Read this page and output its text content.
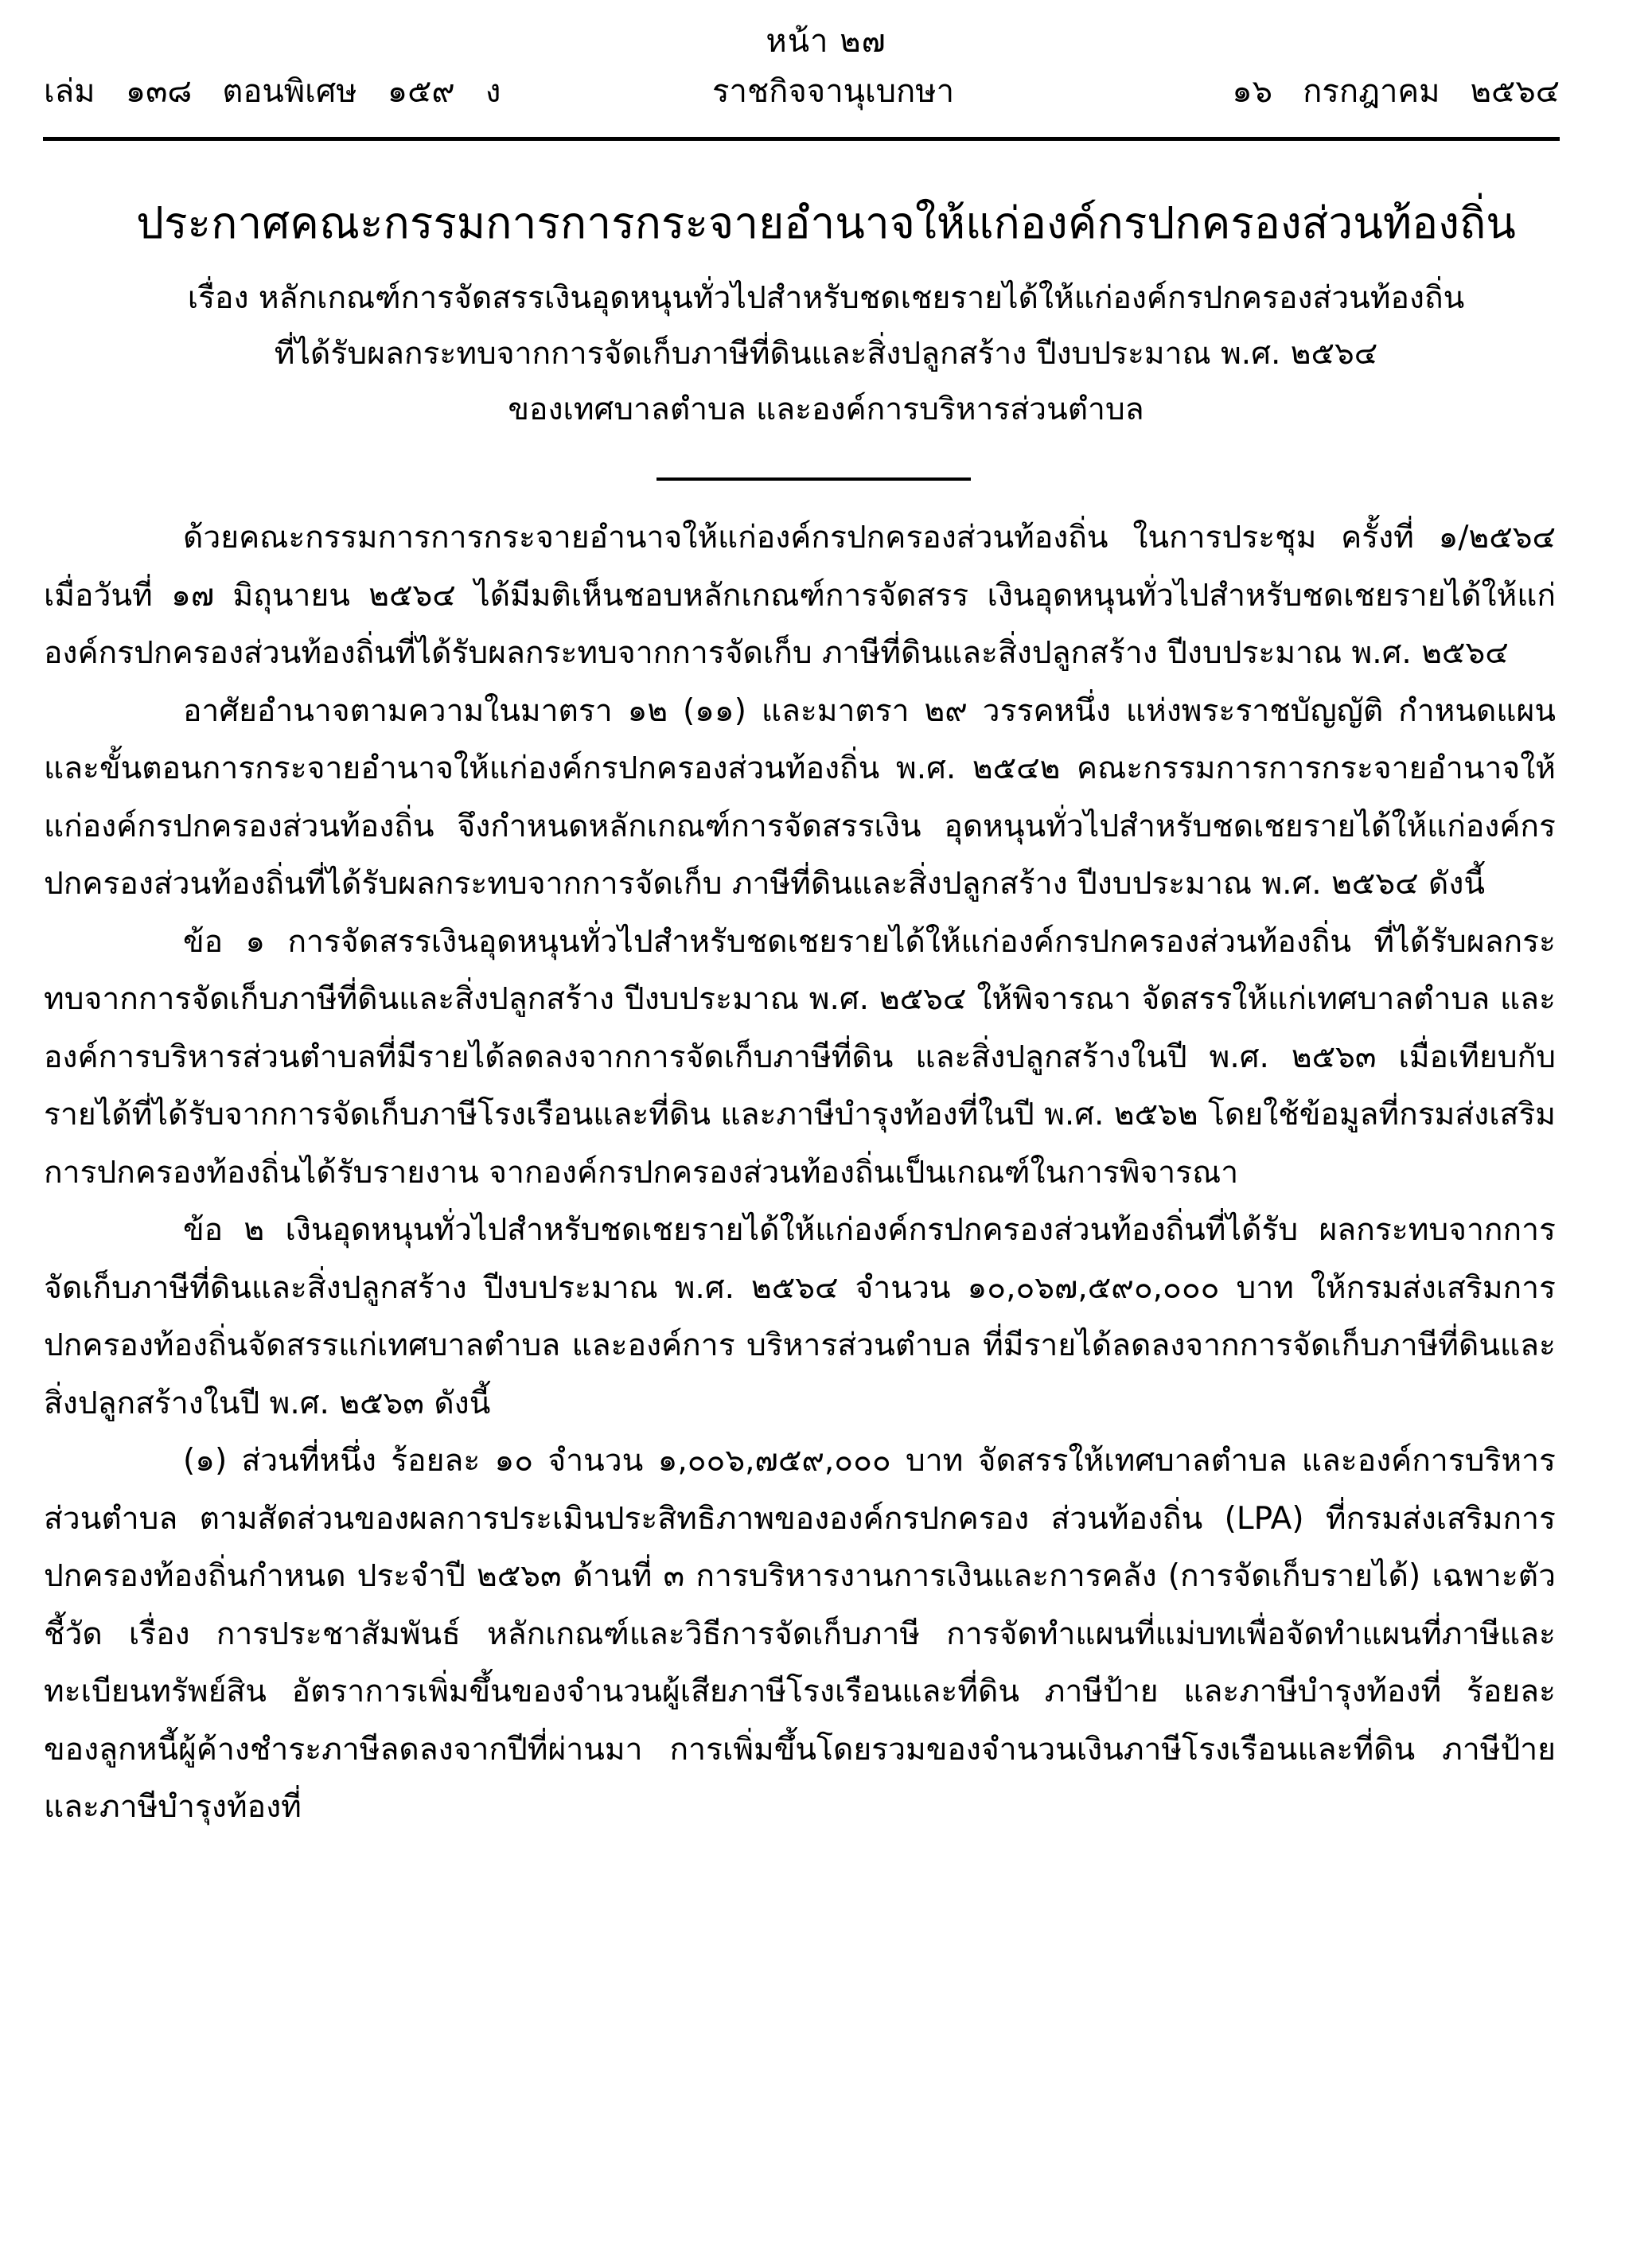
หน้า ๒๗
เล่ม   ๑๓๘   ตอนพิเศษ   ๑๕๙   ง	ราชกิจจานุเบกษา	๑๖   กรกฎาคม   ๒๕๖๔
ประกาศคณะกรรมการการกระจายอำนาจให้แก่องค์กรปกครองส่วนท้องถิ่น
เรื่อง หลักเกณฑ์การจัดสรรเงินอุดหนุนทั่วไปสำหรับชดเชยรายได้ให้แก่องค์กรปกครองส่วนท้องถิ่น
ที่ได้รับผลกระทบจากการจัดเก็บภาษีที่ดินและสิ่งปลูกสร้าง ปีงบประมาณ พ.ศ. ๒๕๖๔
ของเทศบาลตำบล และองค์การบริหารส่วนตำบล

ด้วยคณะกรรมการการกระจายอำนาจให้แก่องค์กรปกครองส่วนท้องถิ่น ในการประชุม ครั้งที่ ๑/๒๕๖๔ เมื่อวันที่ ๑๗ มิถุนายน ๒๕๖๔ ได้มีมติเห็นชอบหลักเกณฑ์การจัดสรร เงินอุดหนุนทั่วไปสำหรับชดเชยรายได้ให้แก่องค์กรปกครองส่วนท้องถิ่นที่ได้รับผลกระทบจากการจัดเก็บ ภาษีที่ดินและสิ่งปลูกสร้าง ปีงบประมาณ พ.ศ. ๒๕๖๔

อาศัยอำนาจตามความในมาตรา ๑๒ (๑๑) และมาตรา ๒๙ วรรคหนึ่ง แห่งพระราชบัญญัติ กำหนดแผนและขั้นตอนการกระจายอำนาจให้แก่องค์กรปกครองส่วนท้องถิ่น พ.ศ. ๒๕๔๒ คณะกรรมการการกระจายอำนาจให้แก่องค์กรปกครองส่วนท้องถิ่น จึงกำหนดหลักเกณฑ์การจัดสรรเงิน อุดหนุนทั่วไปสำหรับชดเชยรายได้ให้แก่องค์กรปกครองส่วนท้องถิ่นที่ได้รับผลกระทบจากการจัดเก็บ ภาษีที่ดินและสิ่งปลูกสร้าง ปีงบประมาณ พ.ศ. ๒๕๖๔ ดังนี้

ข้อ ๑ การจัดสรรเงินอุดหนุนทั่วไปสำหรับชดเชยรายได้ให้แก่องค์กรปกครองส่วนท้องถิ่น ที่ได้รับผลกระทบจากการจัดเก็บภาษีที่ดินและสิ่งปลูกสร้าง ปีงบประมาณ พ.ศ. ๒๕๖๔ ให้พิจารณา จัดสรรให้แก่เทศบาลตำบล และองค์การบริหารส่วนตำบลที่มีรายได้ลดลงจากการจัดเก็บภาษีที่ดิน และสิ่งปลูกสร้างในปี พ.ศ. ๒๕๖๓ เมื่อเทียบกับรายได้ที่ได้รับจากการจัดเก็บภาษีโรงเรือนและที่ดิน และภาษีบำรุงท้องที่ในปี พ.ศ. ๒๕๖๒ โดยใช้ข้อมูลที่กรมส่งเสริมการปกครองท้องถิ่นได้รับรายงาน จากองค์กรปกครองส่วนท้องถิ่นเป็นเกณฑ์ในการพิจารณา

ข้อ ๒ เงินอุดหนุนทั่วไปสำหรับชดเชยรายได้ให้แก่องค์กรปกครองส่วนท้องถิ่นที่ได้รับ ผลกระทบจากการจัดเก็บภาษีที่ดินและสิ่งปลูกสร้าง ปีงบประมาณ พ.ศ. ๒๕๖๔ จำนวน ๑๐,๐๖๗,๕๙๐,๐๐๐ บาท ให้กรมส่งเสริมการปกครองท้องถิ่นจัดสรรแก่เทศบาลตำบล และองค์การ บริหารส่วนตำบล ที่มีรายได้ลดลงจากการจัดเก็บภาษีที่ดินและสิ่งปลูกสร้างในปี พ.ศ. ๒๕๖๓ ดังนี้

(๑) ส่วนที่หนึ่ง ร้อยละ ๑๐ จำนวน ๑,๐๐๖,๗๕๙,๐๐๐ บาท จัดสรรให้เทศบาลตำบล และองค์การบริหารส่วนตำบล ตามสัดส่วนของผลการประเมินประสิทธิภาพขององค์กรปกครอง ส่วนท้องถิ่น (LPA) ที่กรมส่งเสริมการปกครองท้องถิ่นกำหนด ประจำปี ๒๕๖๓ ด้านที่ ๓ การบริหารงานการเงินและการคลัง (การจัดเก็บรายได้) เฉพาะตัวชี้วัด เรื่อง การประชาสัมพันธ์ หลักเกณฑ์และวิธีการจัดเก็บภาษี การจัดทำแผนที่แม่บทเพื่อจัดทำแผนที่ภาษีและทะเบียนทรัพย์สิน อัตราการเพิ่มขึ้นของจำนวนผู้เสียภาษีโรงเรือนและที่ดิน ภาษีป้าย และภาษีบำรุงท้องที่ ร้อยละ ของลูกหนี้ผู้ค้างชำระภาษีลดลงจากปีที่ผ่านมา การเพิ่มขึ้นโดยรวมของจำนวนเงินภาษีโรงเรือนและที่ดิน ภาษีป้าย และภาษีบำรุงท้องที่
